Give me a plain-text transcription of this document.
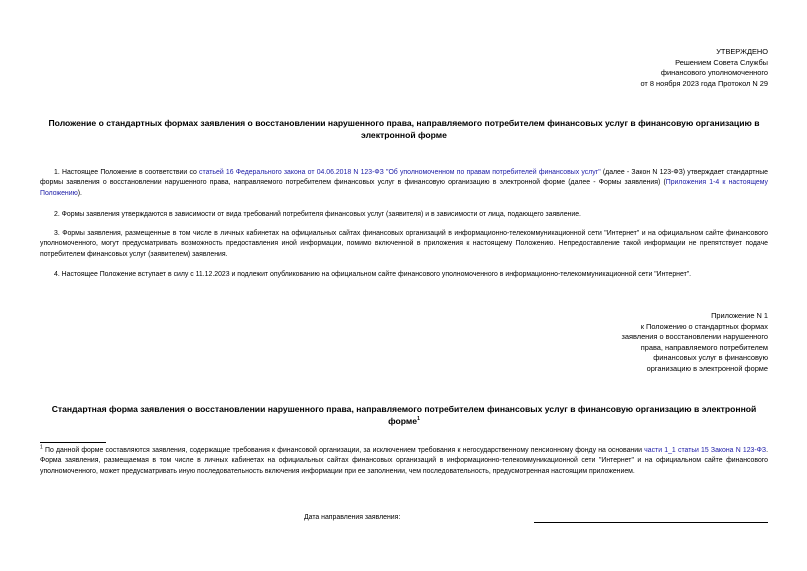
УТВЕРЖДЕНО
Решением Совета Службы
финансового уполномоченного
от 8 ноября 2023 года Протокол N 29
Положение о стандартных формах заявления о восстановлении нарушенного права, направляемого потребителем финансовых услуг в финансовую организацию в электронной форме
1. Настоящее Положение в соответствии со статьей 16 Федерального закона от 04.06.2018 N 123-ФЗ "Об уполномоченном по правам потребителей финансовых услуг" (далее - Закон N 123-ФЗ) утверждает стандартные формы заявления о восстановлении нарушенного права, направляемого потребителем финансовых услуг в финансовую организацию в электронной форме (далее - Формы заявления) (Приложения 1-4 к настоящему Положению).
2. Формы заявления утверждаются в зависимости от вида требований потребителя финансовых услуг (заявителя) и в зависимости от лица, подающего заявление.
3. Формы заявления, размещенные в том числе в личных кабинетах на официальных сайтах финансовых организаций в информационно-телекоммуникационной сети "Интернет" и на официальном сайте финансового уполномоченного, могут предусматривать возможность предоставления иной информации, помимо включенной в приложения к настоящему Положению. Непредоставление такой информации не препятствует подаче потребителем финансовых услуг (заявителем) заявления.
4. Настоящее Положение вступает в силу с 11.12.2023 и подлежит опубликованию на официальном сайте финансового уполномоченного в информационно-телекоммуникационной сети "Интернет".
Приложение N 1
к Положению о стандартных формах
заявления о восстановлении нарушенного
права, направляемого потребителем
финансовых услуг в финансовую
организацию в электронной форме
Стандартная форма заявления о восстановлении нарушенного права, направляемого потребителем финансовых услуг в финансовую организацию в электронной форме$^1$
$^1$ По данной форме составляются заявления, содержащие требования к финансовой организации, за исключением требования к негосударственному пенсионному фонду на основании части 1_1 статьи 15 Закона N 123-ФЗ. Форма заявления, размещаемая в том числе в личных кабинетах на официальных сайтах финансовых организаций в информационно-телекоммуникационной сети "Интернет" и на официальном сайте финансового уполномоченного, может предусматривать иную последовательность включения информации при ее заполнении, чем последовательность, предусмотренная настоящим приложением.
Дата направления заявления:
